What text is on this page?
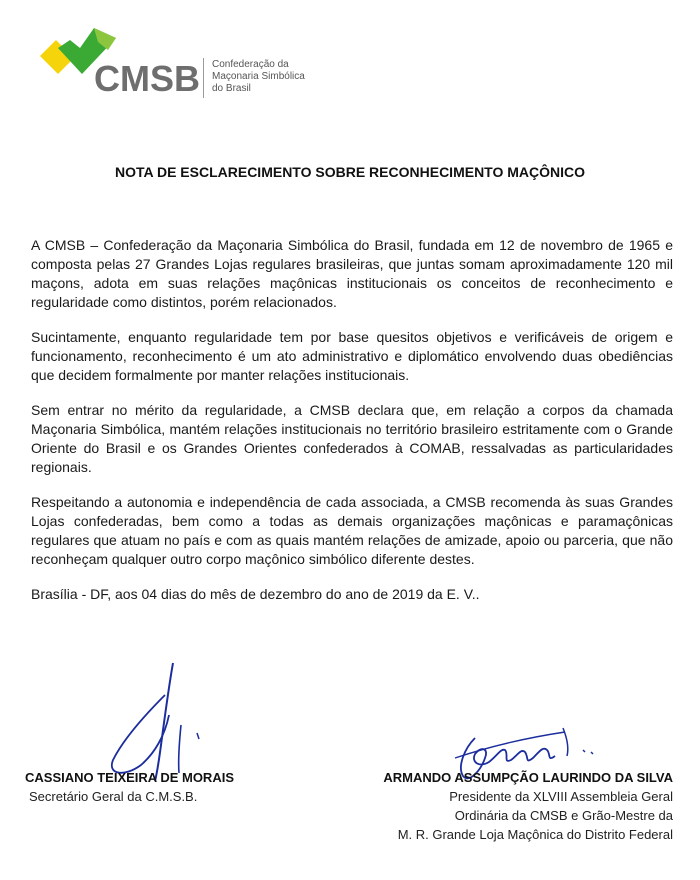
CMSB Confederação da
Maçonaria Simbólica
do Brasil
NOTA DE ESCLARECIMENTO SOBRE RECONHECIMENTO MAÇÔNICO

A CMSB – Confederação da Maçonaria Simbólica do Brasil, fundada em 12 de novembro de 1965 e composta pelas 27 Grandes Lojas regulares brasileiras, que juntas somam aproximadamente 120 mil maçons, adota em suas relações maçônicas institucionais os conceitos de reconhecimento e regularidade como distintos, porém relacionados.

Sucintamente, enquanto regularidade tem por base quesitos objetivos e verificáveis de origem e funcionamento, reconhecimento é um ato administrativo e diplomático envolvendo duas obediências que decidem formalmente por manter relações institucionais.

Sem entrar no mérito da regularidade, a CMSB declara que, em relação a corpos da chamada Maçonaria Simbólica, mantém relações institucionais no território brasileiro estritamente com o Grande Oriente do Brasil e os Grandes Orientes confederados à COMAB, ressalvadas as particularidades regionais.

Respeitando a autonomia e independência de cada associada, a CMSB recomenda às suas Grandes Lojas confederadas, bem como a todas as demais organizações maçônicas e paramaçônicas regulares que atuam no país e com as quais mantém relações de amizade, apoio ou parceria, que não reconheçam qualquer outro corpo maçônico simbólico diferente destes.

Brasília - DF, aos 04 dias do mês de dezembro do ano de 2019 da E. V..

CASSIANO TEIXEIRA DE MORAIS
Secretário Geral da C.M.S.B.
ARMANDO ASSUMPÇÃO LAURINDO DA SILVA
Presidente da XLVIII Assembleia Geral
Ordinária da CMSB e Grão-Mestre da
M. R. Grande Loja Maçônica do Distrito Federal
